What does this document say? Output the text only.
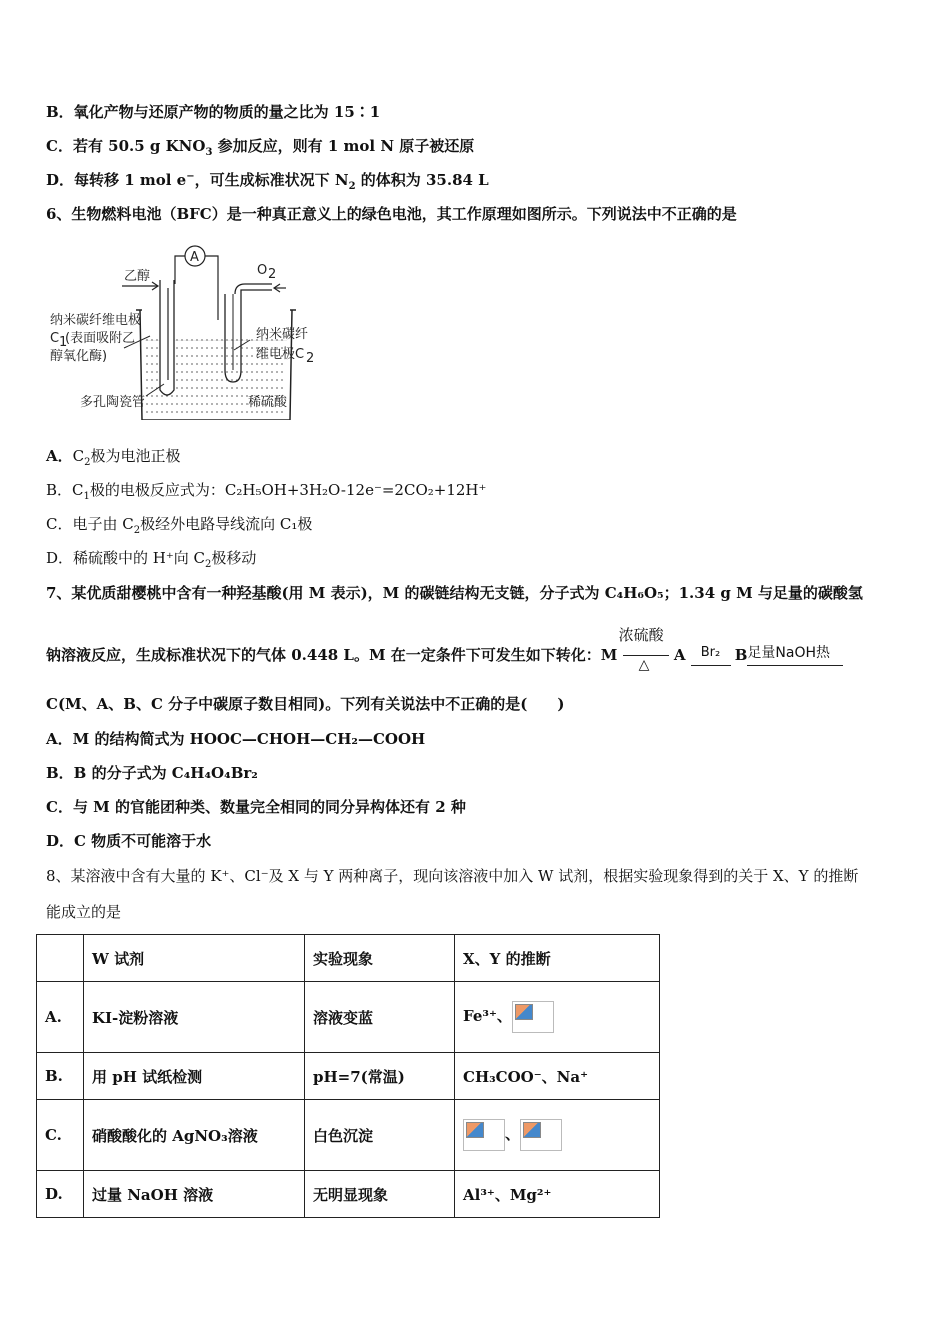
B．氧化产物与还原产物的物质的量之比为 15∶1
C．若有 50.5 g $KNO_3$ 参加反应，则有 1 mol N 原子被还原
D．每转移 1 mol e−，可生成标准状况下 $N_2$ 的体积为 35.84 L
6、生物燃料电池（BFC）是一种真正意义上的绿色电池，其工作原理如图所示。下列说法中不正确的是
A
乙醇	O 2
纳米碳纤维电极
C 1
(表面吸附乙
醇氧化酶)
纳米碳纤
维电极C 2
多孔陶瓷管	稀硫酸
A．$C_2$极为电池正极
B．$C_1$极的电极反应式为：C₂H₅OH+3H₂O-12e⁻=2CO₂+12H⁺
C．电子由 $C_2$极经外电路导线流向 C₁极
D．稀硫酸中的 H⁺向 $C_2$极移动
7、某优质甜樱桃中含有一种羟基酸(用 M 表示)，M 的碳链结构无支链，分子式为 C₄H₆O₅；1.34 g M 与足量的碳酸氢
钠溶液反应，生成标准状况下的气体 0.448 L。M 在一定条件下可发生如下转化：M
浓硫酸
△
A Br₂ B 足量NaOH热
C(M、A、B、C 分子中碳原子数目相同)。下列有关说法中不正确的是(　　)
A．M 的结构简式为 HOOC—CHOH—CH₂—COOH
B．B 的分子式为 C₄H₄O₄Br₂
C．与 M 的官能团种类、数量完全相同的同分异构体还有 2 种
D．C 物质不可能溶于水
8、某溶液中含有大量的 K⁺、Cl⁻及 X 与 Y 两种离子，现向该溶液中加入 W 试剂，根据实验现象得到的关于 X、Y 的推断
能成立的是
	W 试剂	实验现象	X、Y 的推断
A.	KI-淀粉溶液	溶液变蓝	Fe³⁺、
B.	用 pH 试纸检测	pH=7(常温)	CH₃COO⁻、Na⁺
C.	硝酸酸化的 AgNO₃溶液	白色沉淀	、
D.	过量 NaOH 溶液	无明显现象	Al³⁺、Mg²⁺
